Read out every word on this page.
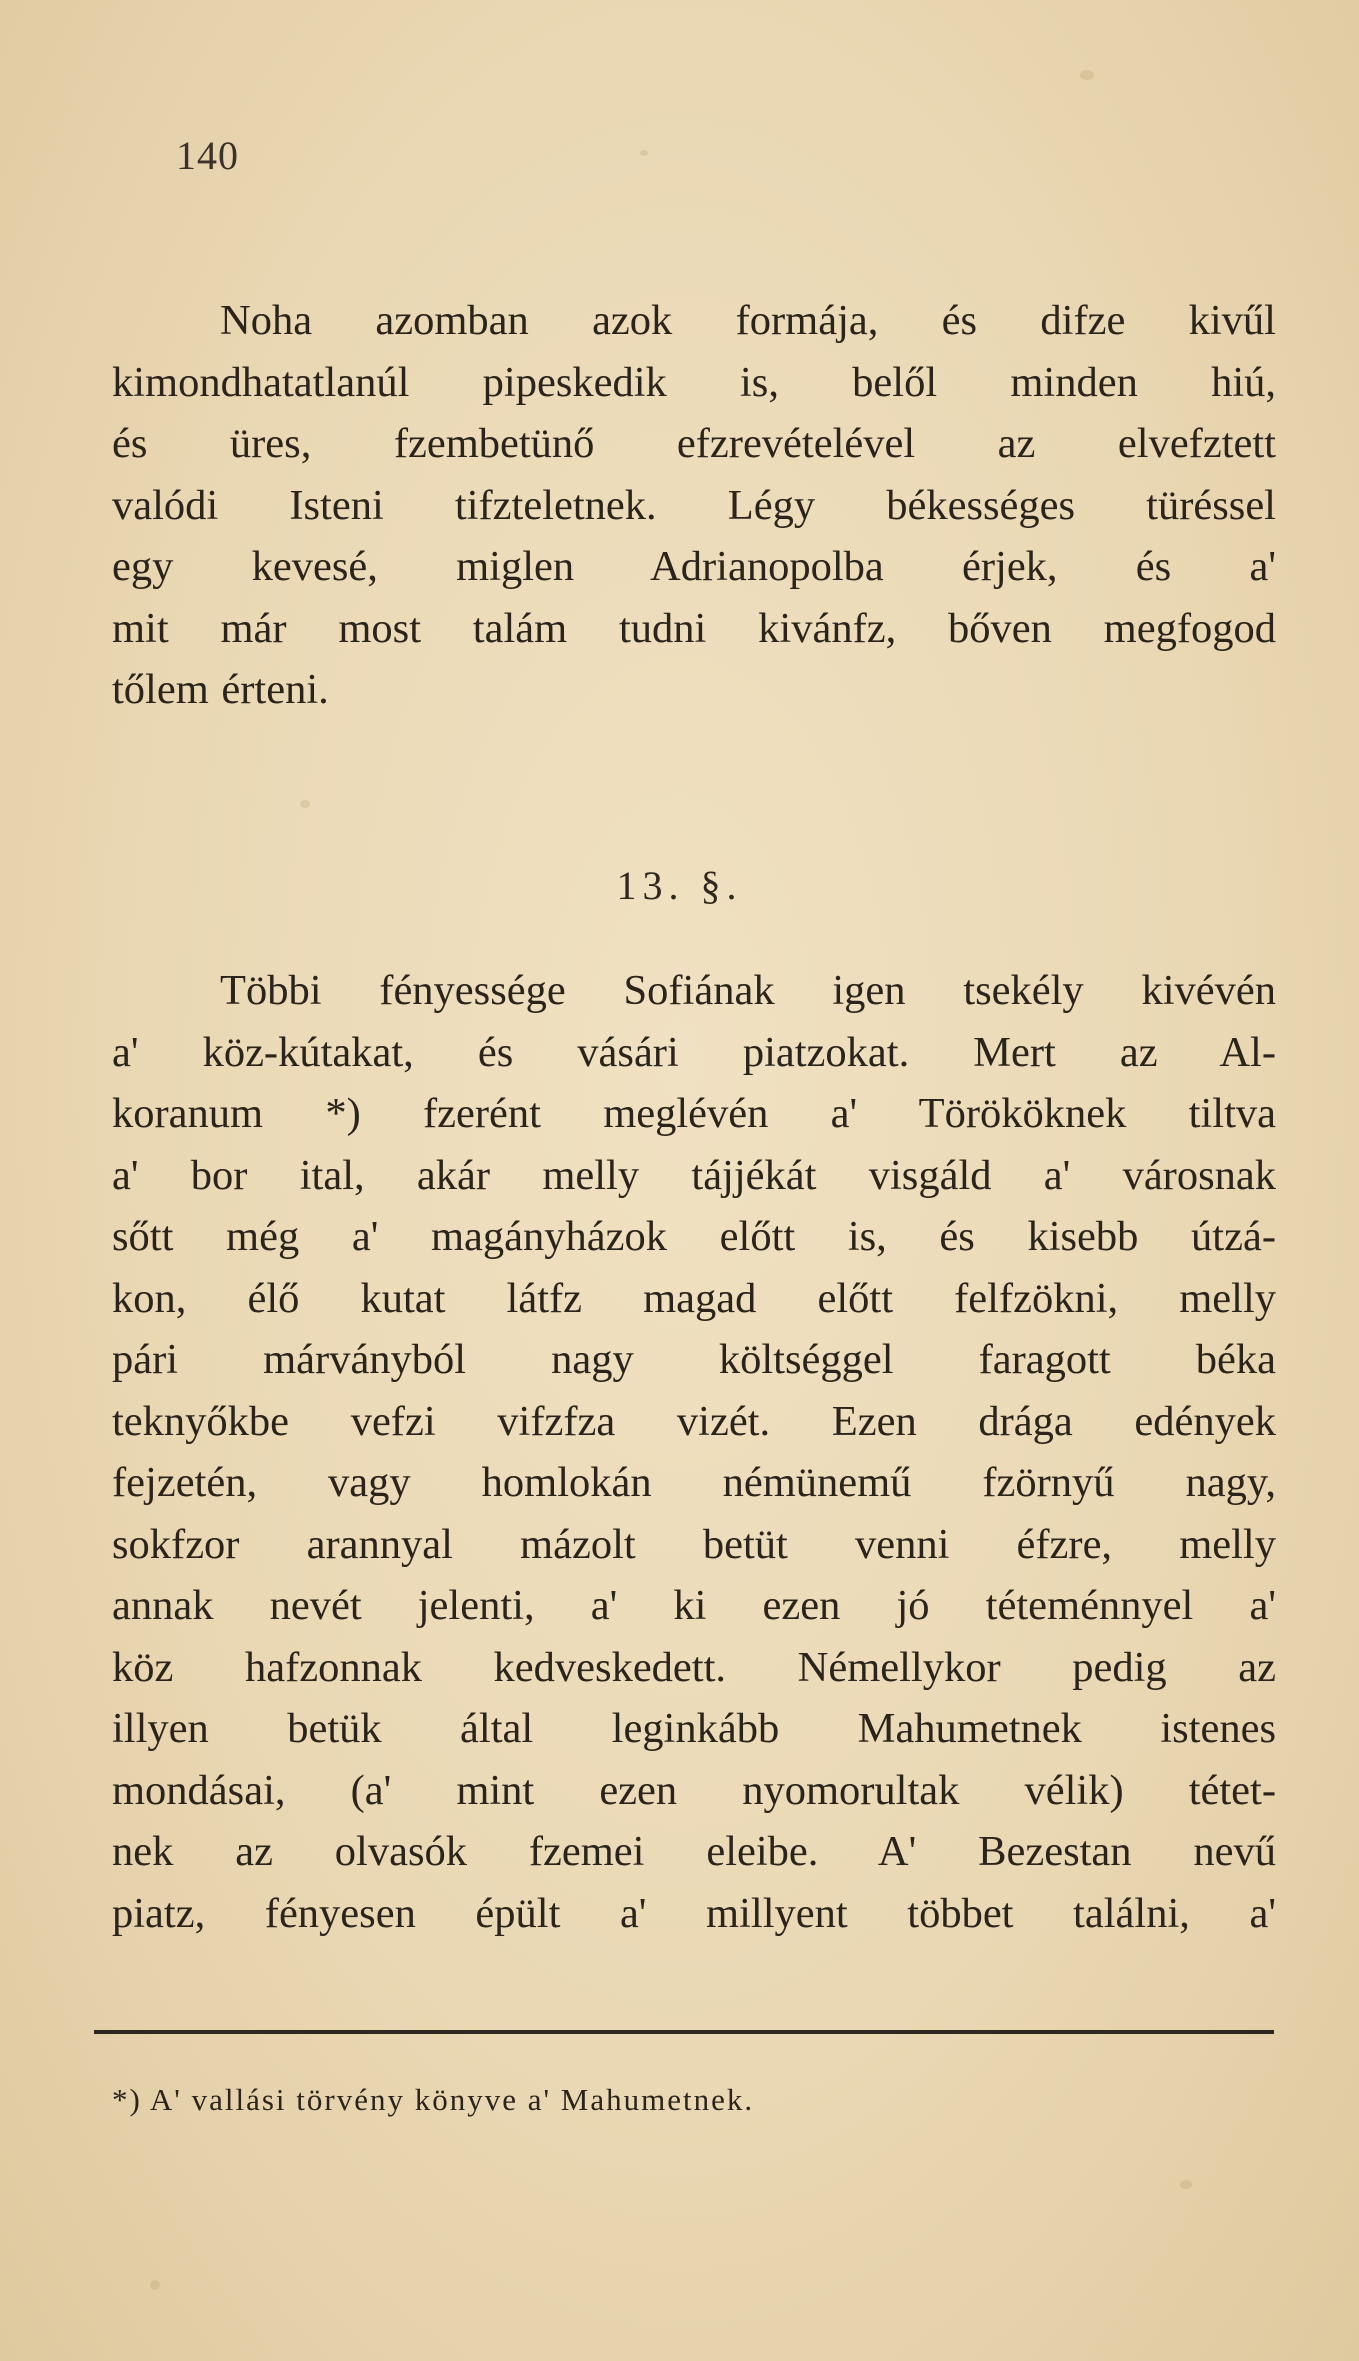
140
Noha azomban azok formája, és difze kivűl
kimondhatatlanúl pipeskedik is, belől minden hiú,
és üres, fzembetünő efzrevételével az elvefztett
valódi Isteni tifzteletnek. Légy békességes türéssel
egy kevesé, miglen Adrianopolba érjek, és a'
mit már most talám tudni kivánfz, bőven megfogod
tőlem érteni.
13. §.
Többi fényessége Sofiának igen tsekély kivévén
a' köz-kútakat, és vásári piatzokat. Mert az Al-
koranum *) fzerént meglévén a' Törököknek tiltva
a' bor ital, akár melly tájjékát visgáld a' városnak
sőtt még a' magányházok előtt is, és kisebb útzá-
kon, élő kutat látfz magad előtt felfzökni, melly
pári márványból nagy költséggel faragott béka
teknyőkbe vefzi vifzfza vizét. Ezen drága edények
fejzetén, vagy homlokán némünemű fzörnyű nagy,
sokfzor arannyal mázolt betüt venni éfzre, melly
annak nevét jelenti, a' ki ezen jó téteménnyel a'
köz hafzonnak kedveskedett. Némellykor pedig az
illyen betük által leginkább Mahumetnek istenes
mondásai, (a' mint ezen nyomorultak vélik) tétet-
nek az olvasók fzemei eleibe. A' Bezestan nevű
piatz, fényesen épült a' millyent többet találni, a'
*) A' vallási törvény könyve a' Mahumetnek.
